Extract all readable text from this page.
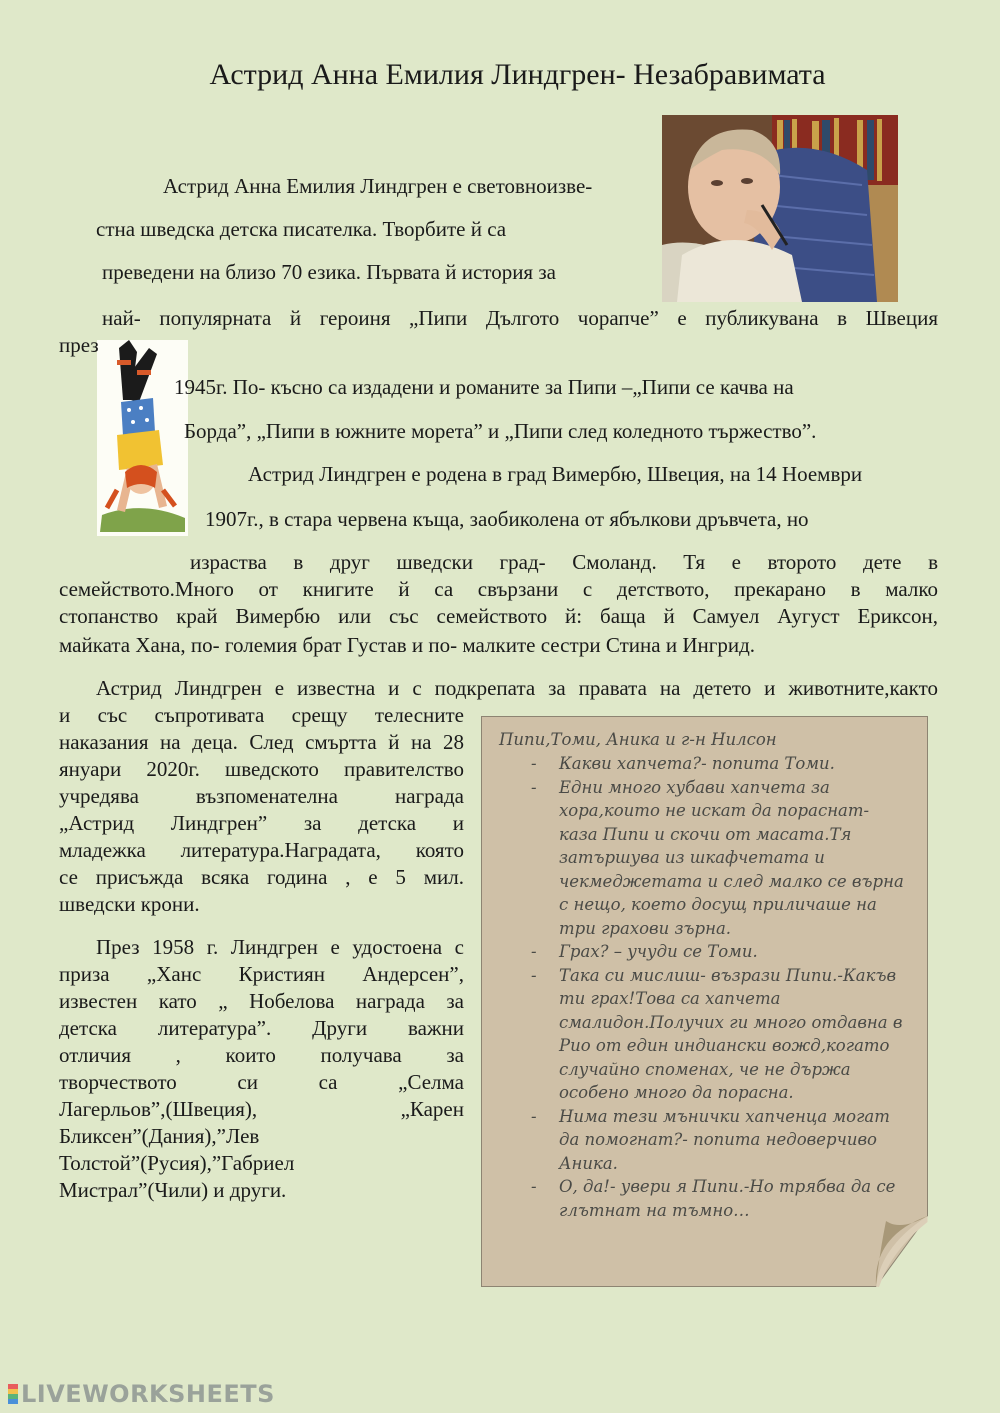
Астрид Анна Емилия Линдгрен- Незабравимата
Астрид Анна Емилия Линдгрен е световноизве-
стна шведска детска писателка. Творбите й са
преведени на близо 70 езика. Първата й история за
най- популярната й героиня „Пипи Дългото чорапче” е публикувана в Швеция
през
1945г. По- късно са издадени и романите за Пипи –„Пипи се качва на
Борда”, „Пипи в южните морета” и „Пипи след коледното тържество”.
Астрид Линдгрен е родена в град Вимербю, Швеция, на 14 Ноември
1907г., в стара червена къща, заобиколена от ябълкови дръвчета, но
израства в друг шведски град- Смоланд. Тя е второто дете в
семейството.Много от книгите й са свързани с детството, прекарано в малко
стопанство край Вимербю или със семейството й: баща й Самуел Аугуст Ериксон,
майката Хана, по- големия брат Густав и по- малките сестри Стина и Ингрид.
Астрид Линдгрен е известна и с подкрепата за правата на детето и животните,както
и със съпротивата срещу телесните
наказания на деца. След смъртта й на 28
януари 2020г. шведското правителство
учредява възпоменателна награда
„Астрид Линдгрен” за детска и
младежка литература.Наградата, която
се присъжда всяка година , е 5 мил.
шведски крони.
През 1958 г. Линдгрен е удостоена с
приза „Ханс Кристиян Андерсен”,
известен като „ Нобелова награда за
детска литература”. Други важни
отличия , които получава за
творчеството си са „Селма
Лагерльов”,(Швеция), „Карен
Бликсен”(Дания),”Лев
Толстой”(Русия),”Габриел
Мистрал”(Чили) и други.
Пипи,Томи, Аника и г-н Нилсон
- Какви хапчета?- попита Томи.
- Едни много хубави хапчета за
хора,които не искат да пораснат-
каза Пипи и скочи от масата.Тя
затършува из шкафчетата и
чекмеджетата и след малко се върна
с нещо, което досущ приличаше на
три грахови зърна.
- Грах? – учуди се Томи.
- Така си мислиш- възрази Пипи.-Какъв
ти грах!Това са хапчета
смалидон.Получих ги много отдавна в
Рио от един индиански вожд,когато
случайно споменах, че не държа
особено много да порасна.
- Нима тези мънички хапченца могат
да помогнат?- попита недоверчиво
Аника.
- О, да!- увери я Пипи.-Но трябва да се
глътнат на тъмно…
LIVEWORKSHEETS
